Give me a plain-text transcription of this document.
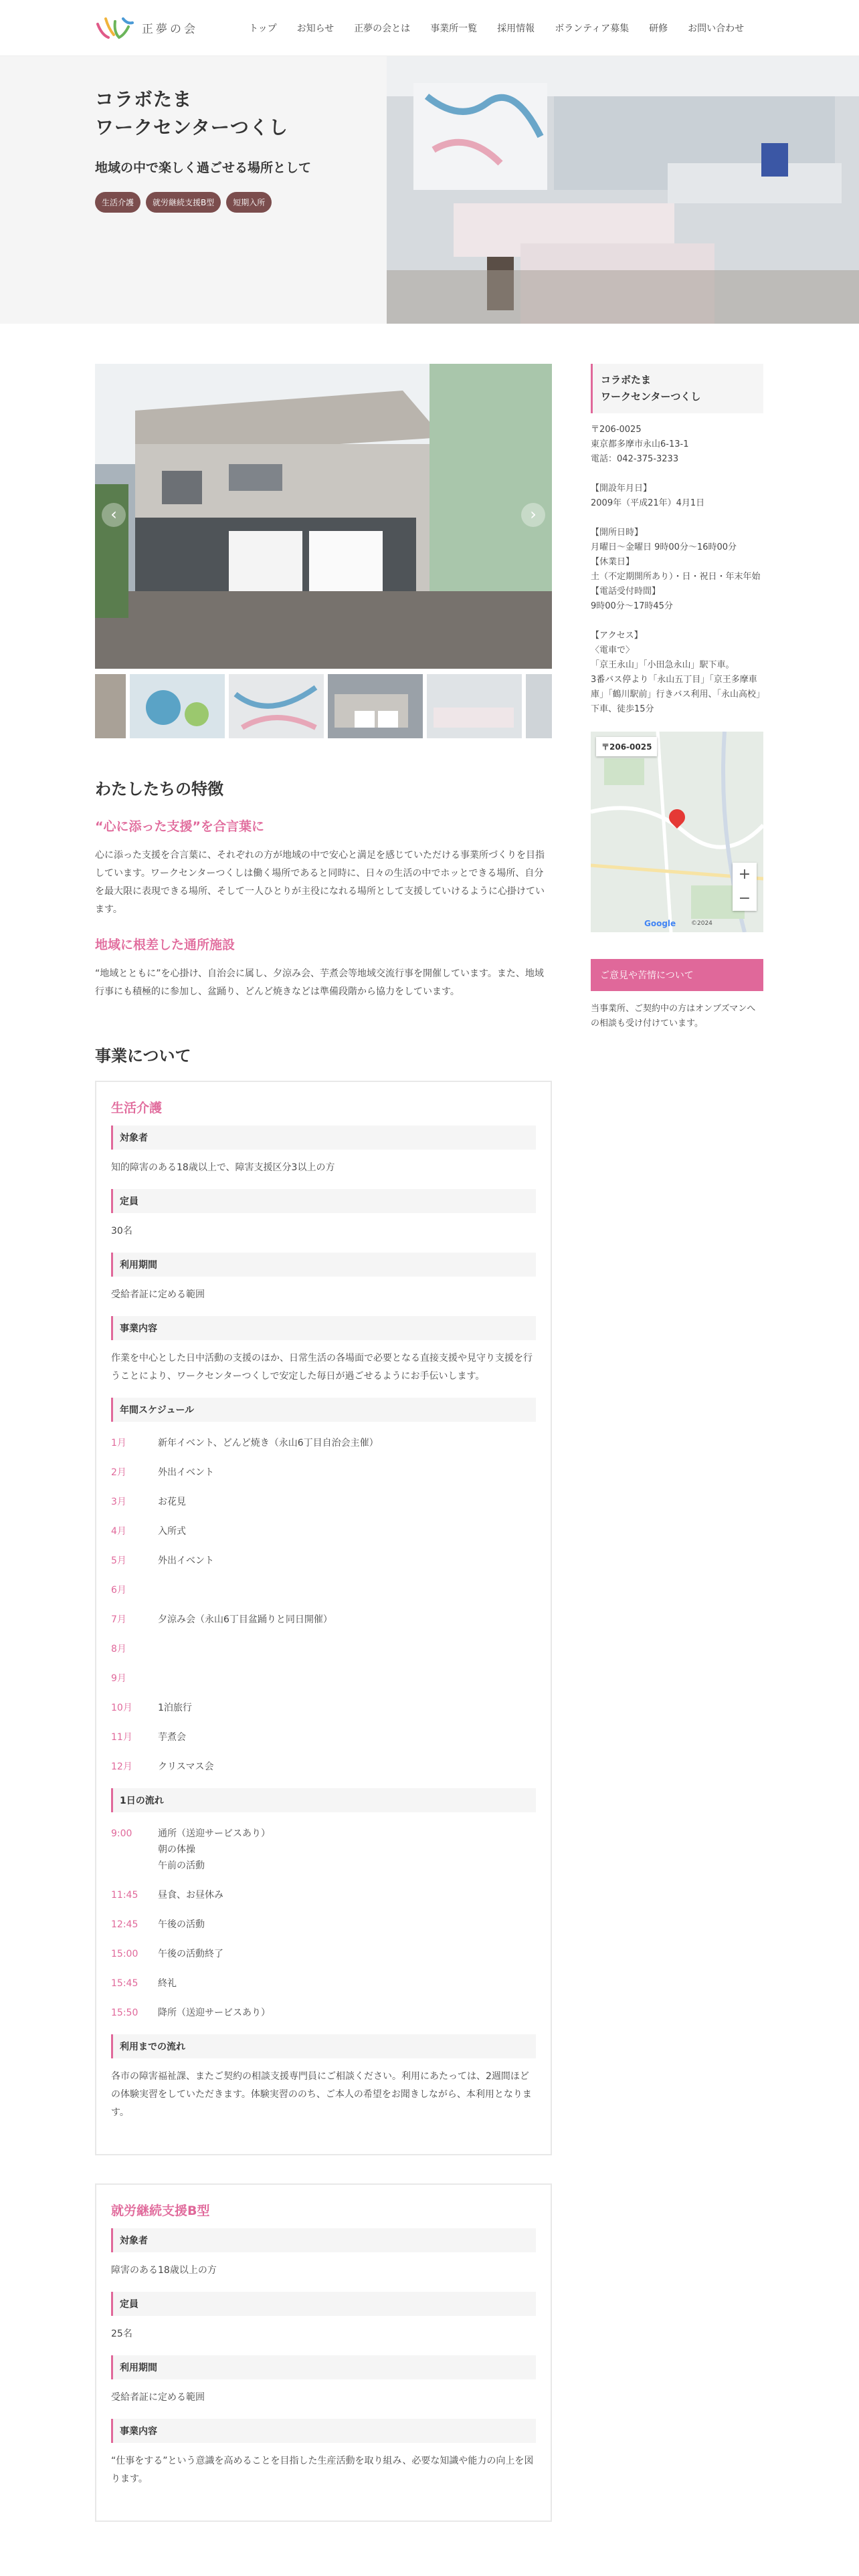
正夢の会	トップ お知らせ 正夢の会とは 事業所一覧 採用情報 ボランティア募集 研修 お問い合わせ
コラボたま
ワークセンターつくし

地域の中で楽しく過ごせる場所として

生活介護	就労継続支援B型	短期入所
‹	›
わたしたちの特徴
“心に添った支援”を合言葉に

心に添った支援を合言葉に、それぞれの方が地域の中で安心と満足を感じていただける事業所づくりを目指しています。ワークセンターつくしは働く場所であると同時に、日々の生活の中でホッとできる場所、自分を最大限に表現できる場所、そして一人ひとりが主役になれる場所として支援していけるように心掛けています。

地域に根差した通所施設

“地域とともに”を心掛け、自治会に属し、夕涼み会、芋煮会等地域交流行事を開催しています。また、地域行事にも積極的に参加し、盆踊り、どんど焼きなどは準備段階から協力をしています。

事業について
生活介護
対象者
知的障害のある18歳以上で、障害支援区分3以上の方
定員
30名
利用期間
受給者証に定める範囲
事業内容
作業を中心とした日中活動の支援のほか、日常生活の各場面で必要となる直接支援や見守り支援を行うことにより、ワークセンターつくしで安定した毎日が過ごせるようにお手伝いします。
年間スケジュール
1月	新年イベント、どんど焼き（永山6丁目自治会主催）
2月	外出イベント
3月	お花見
4月	入所式
5月	外出イベント
6月
7月	夕涼み会（永山6丁目盆踊りと同日開催）
8月
9月
10月	1泊旅行
11月	芋煮会
12月	クリスマス会
1日の流れ
9:00	通所（送迎サービスあり）
朝の体操
午前の活動
11:45	昼食、お昼休み
12:45	午後の活動
15:00	午後の活動終了
15:45	終礼
15:50	降所（送迎サービスあり）
利用までの流れ
各市の障害福祉課、またご契約の相談支援専門員にご相談ください。利用にあたっては、2週間ほどの体験実習をしていただきます。体験実習ののち、ご本人の希望をお聞きしながら、本利用となります。
就労継続支援B型
対象者
障害のある18歳以上の方
定員
25名
利用期間
受給者証に定める範囲
事業内容
“仕事をする”という意識を高めることを目指した生産活動を取り組み、必要な知識や能力の向上を図ります。
コラボたま
ワークセンターつくし
〒206-0025
東京都多摩市永山6-13-1
電話：042-375-3233
【開設年月日】
2009年（平成21年）4月1日
【開所日時】
月曜日〜金曜日 9時00分〜16時00分
【休業日】
土（不定期開所あり）・日・祝日・年末年始
【電話受付時間】
9時00分〜17時45分
【アクセス】
〈電車で〉
「京王永山」「小田急永山」駅下車。
3番バス停より「永山五丁目」「京王多摩車庫」「鶴川駅前」行きバス利用、「永山高校」下車、徒歩15分
〒206-0025
+
−
Google	©2024
ご意見や苦情について

当事業所、ご契約中の方はオンブズマンへの相談も受け付けています。
